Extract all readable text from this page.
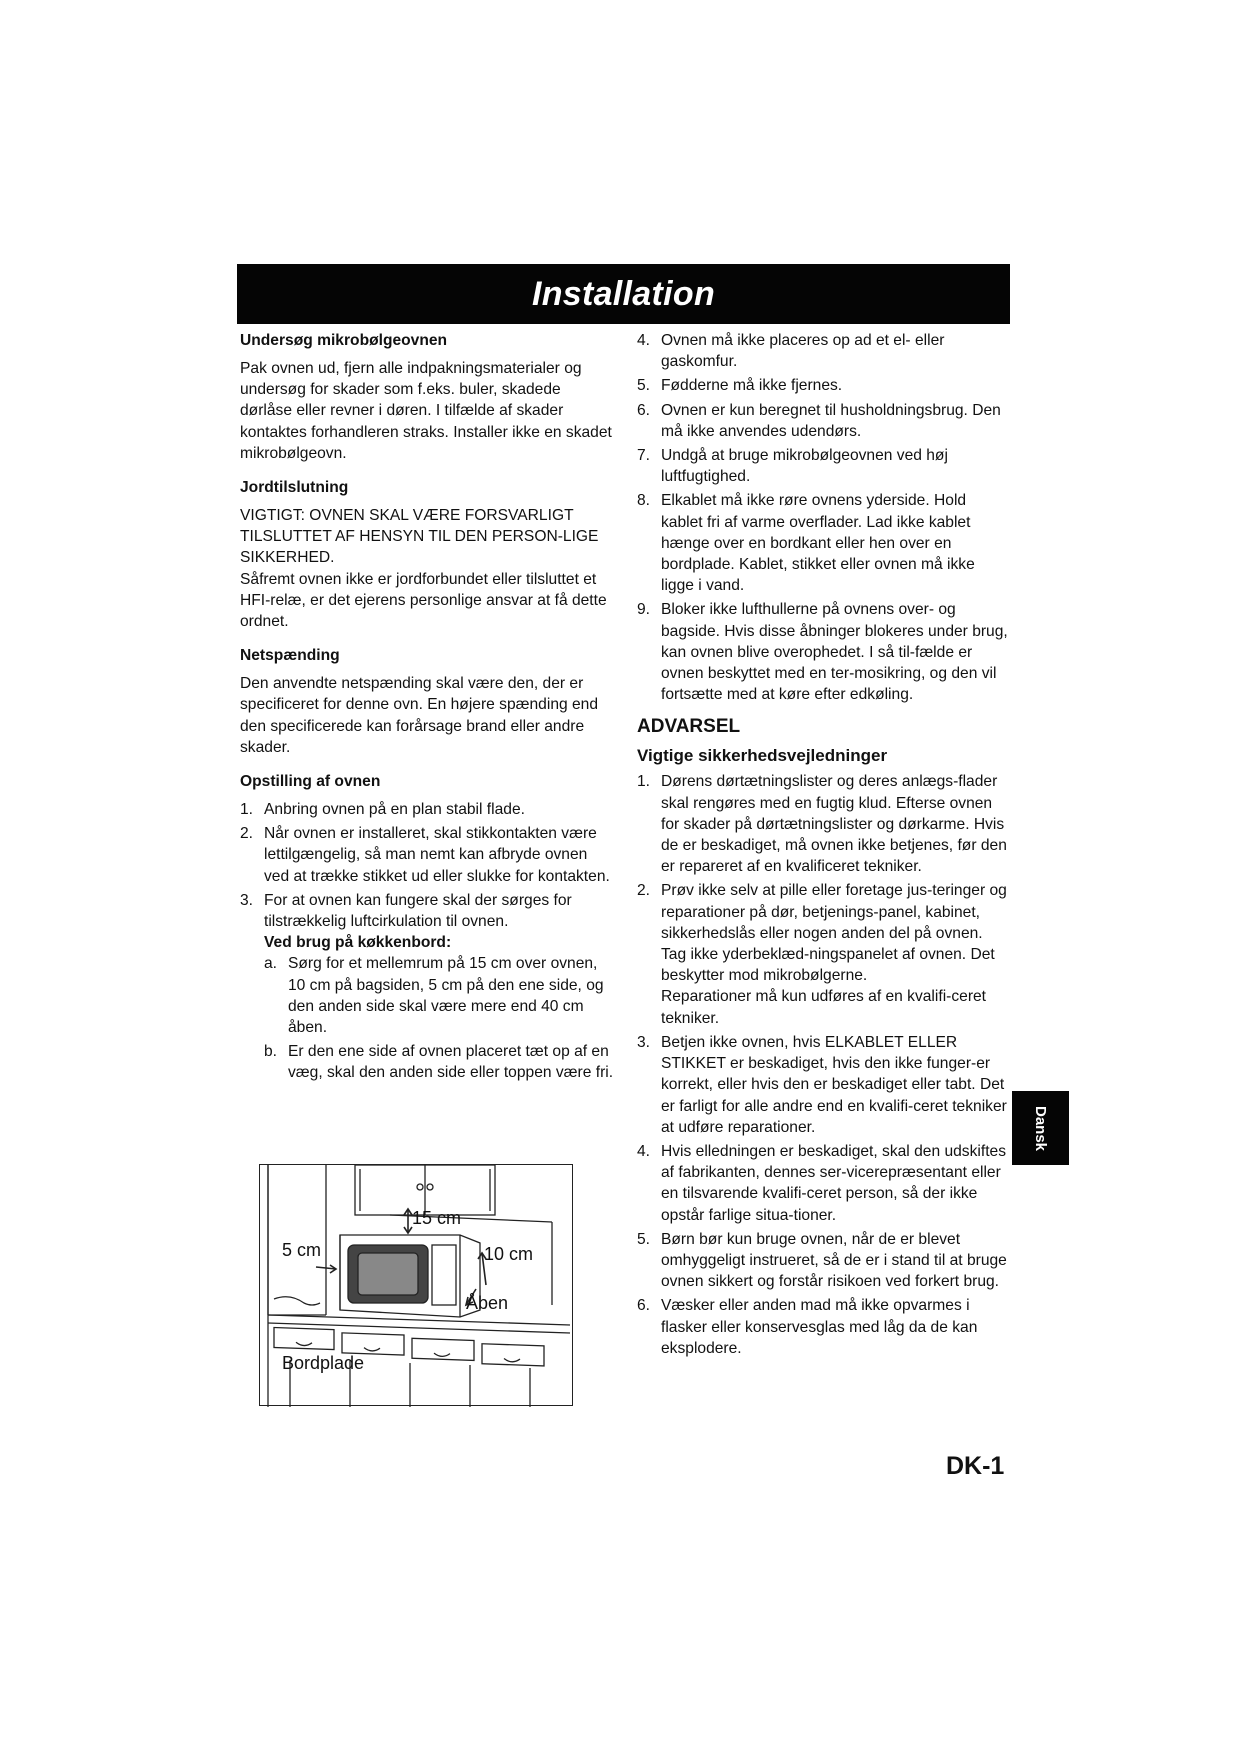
Installation
Undersøg mikrobølgeovnen

Pak ovnen ud, fjern alle indpakningsmaterialer og undersøg for skader som f.eks. buler, skadede dørlåse eller revner i døren. I tilfælde af skader kontaktes forhandleren straks. Installer ikke en skadet mikrobølgeovn.

Jordtilslutning
VIGTIGT: OVNEN SKAL VÆRE FORSVARLIGT TILSLUTTET AF HENSYN TIL DEN PERSON-LIGE SIKKERHED.

Såfremt ovnen ikke er jordforbundet eller tilsluttet et HFI-relæ, er det ejerens personlige ansvar at få dette ordnet.

Netspænding

Den anvendte netspænding skal være den, der er specificeret for denne ovn. En højere spænding end den specificerede kan forårsage brand eller andre skader.

Opstilling af ovnen
1. Anbring ovnen på en plan stabil flade.
2. Når ovnen er installeret, skal stikkontakten være lettilgængelig, så man nemt kan afbryde ovnen ved at trække stikket ud eller slukke for kontakten.
3. For at ovnen kan fungere skal der sørges for tilstrækkelig luftcirkulation til ovnen.
Ved brug på køkkenbord:
a. Sørg for et mellemrum på 15 cm over ovnen, 10 cm på bagsiden, 5 cm på den ene side, og den anden side skal være mere end 40 cm åben.
b. Er den ene side af ovnen placeret tæt op af en væg, skal den anden side eller toppen være fri.
15 cm
5 cm	10 cm
Åben
Bordplade
4. Ovnen må ikke placeres op ad et el- eller gaskomfur.
5. Fødderne må ikke fjernes.
6. Ovnen er kun beregnet til husholdningsbrug. Den må ikke anvendes udendørs.
7. Undgå at bruge mikrobølgeovnen ved høj luftfugtighed.
8. Elkablet må ikke røre ovnens yderside. Hold kablet fri af varme overflader. Lad ikke kablet hænge over en bordkant eller hen over en bordplade. Kablet, stikket eller ovnen må ikke ligge i vand.
9. Bloker ikke lufthullerne på ovnens over- og bagside. Hvis disse åbninger blokeres under brug, kan ovnen blive overophedet. I så til-fælde er ovnen beskyttet med en ter-mosikring, og den vil fortsætte med at køre efter edkøling.
ADVARSEL
Vigtige sikkerhedsvejledninger
1. Dørens dørtætningslister og deres anlægs-flader skal rengøres med en fugtig klud. Efterse ovnen for skader på dørtætningslister og dørkarme. Hvis de er beskadiget, må ovnen ikke betjenes, før den er repareret af en kvalificeret tekniker.
2. Prøv ikke selv at pille eller foretage jus-teringer og reparationer på dør, betjenings-panel, kabinet, sikkerhedslås eller nogen anden del på ovnen. Tag ikke yderbeklæd-ningspanelet af ovnen. Det beskytter mod mikrobølgerne.
Reparationer må kun udføres af en kvalifi-ceret tekniker.
3. Betjen ikke ovnen, hvis ELKABLET ELLER STIKKET er beskadiget, hvis den ikke funger-er korrekt, eller hvis den er beskadiget eller tabt. Det er farligt for alle andre end en kvalifi-ceret tekniker at udføre reparationer.
4. Hvis elledningen er beskadiget, skal den udskiftes af fabrikanten, dennes ser-vicerepræsentant eller en tilsvarende kvalifi-ceret person, så der ikke opstår farlige situa-tioner.
5. Børn bør kun bruge ovnen, når de er blevet omhyggeligt instrueret, så de er i stand til at bruge ovnen sikkert og forstår risikoen ved forkert brug.
6. Væsker eller anden mad må ikke opvarmes i flasker eller konservesglas med låg da de kan eksplodere.
Dansk
DK-1
